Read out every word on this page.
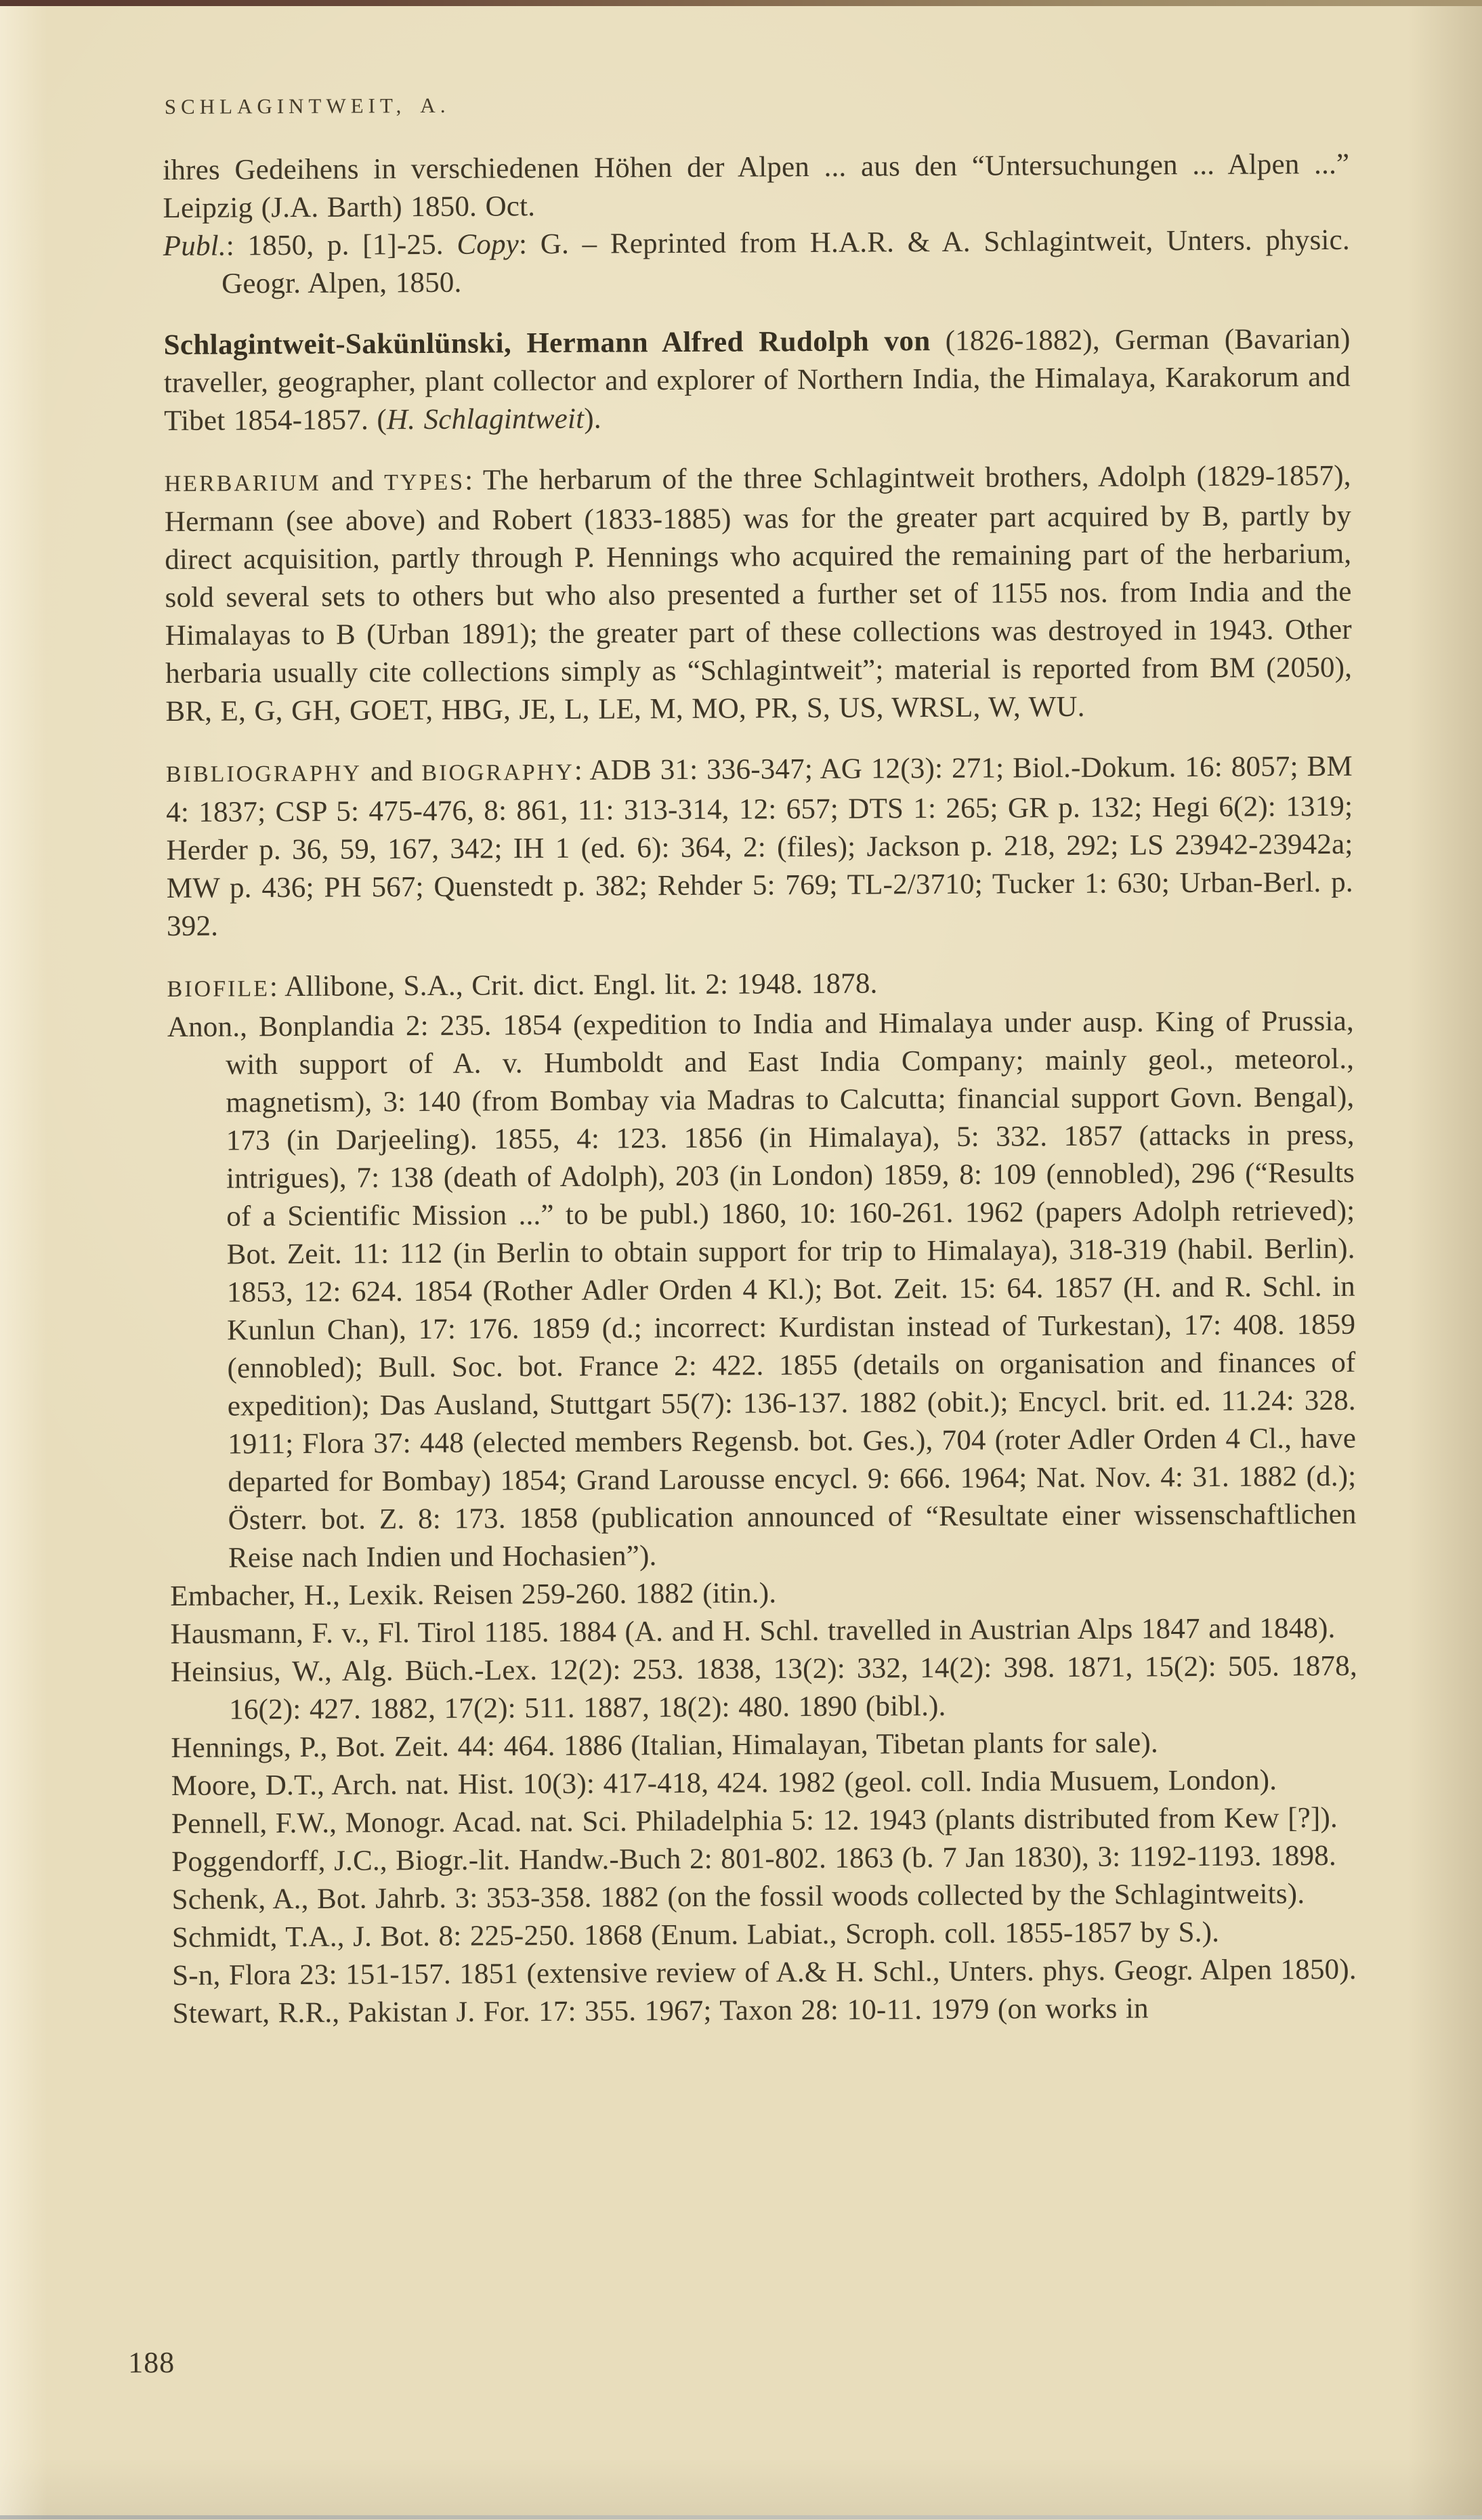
SCHLAGINTWEIT, A.
ihres Gedeihens in verschiedenen Höhen der Alpen ... aus den “Untersuchungen ... Alpen ...” Leipzig (J.A. Barth) 1850. Oct.
Publ.: 1850, p. [1]-25. Copy: G. – Reprinted from H.A.R. & A. Schlagintweit, Unters. physic. Geogr. Alpen, 1850.
Schlagintweit-Sakünlünski, Hermann Alfred Rudolph von (1826-1882), German (Bavarian) traveller, geographer, plant collector and explorer of Northern India, the Himalaya, Karakorum and Tibet 1854-1857. (H. Schlagintweit).
HERBARIUM and TYPES: The herbarum of the three Schlagintweit brothers, Adolph (1829-1857), Hermann (see above) and Robert (1833-1885) was for the greater part acquired by B, partly by direct acquisition, partly through P. Hennings who acquired the remaining part of the herbarium, sold several sets to others but who also presented a further set of 1155 nos. from India and the Himalayas to B (Urban 1891); the greater part of these collections was destroyed in 1943. Other herbaria usually cite collections simply as “Schlagintweit”; material is reported from BM (2050), BR, E, G, GH, GOET, HBG, JE, L, LE, M, MO, PR, S, US, WRSL, W, WU.
BIBLIOGRAPHY and BIOGRAPHY: ADB 31: 336-347; AG 12(3): 271; Biol.-Dokum. 16: 8057; BM 4: 1837; CSP 5: 475-476, 8: 861, 11: 313-314, 12: 657; DTS 1: 265; GR p. 132; Hegi 6(2): 1319; Herder p. 36, 59, 167, 342; IH 1 (ed. 6): 364, 2: (files); Jackson p. 218, 292; LS 23942-23942a; MW p. 436; PH 567; Quenstedt p. 382; Rehder 5: 769; TL-2/3710; Tucker 1: 630; Urban-Berl. p. 392.
BIOFILE: Allibone, S.A., Crit. dict. Engl. lit. 2: 1948. 1878.
Anon., Bonplandia 2: 235. 1854 (expedition to India and Himalaya under ausp. King of Prussia, with support of A. v. Humboldt and East India Company; mainly geol., meteorol., magnetism), 3: 140 (from Bombay via Madras to Calcutta; financial support Govn. Bengal), 173 (in Darjeeling). 1855, 4: 123. 1856 (in Himalaya), 5: 332. 1857 (attacks in press, intrigues), 7: 138 (death of Adolph), 203 (in London) 1859, 8: 109 (ennobled), 296 (“Results of a Scientific Mission ...” to be publ.) 1860, 10: 160-261. 1962 (papers Adolph retrieved); Bot. Zeit. 11: 112 (in Berlin to obtain support for trip to Himalaya), 318-319 (habil. Berlin). 1853, 12: 624. 1854 (Rother Adler Orden 4 Kl.); Bot. Zeit. 15: 64. 1857 (H. and R. Schl. in Kunlun Chan), 17: 176. 1859 (d.; incorrect: Kurdistan instead of Turkestan), 17: 408. 1859 (ennobled); Bull. Soc. bot. France 2: 422. 1855 (details on organisation and finances of expedition); Das Ausland, Stuttgart 55(7): 136-137. 1882 (obit.); Encycl. brit. ed. 11.24: 328. 1911; Flora 37: 448 (elected members Regensb. bot. Ges.), 704 (roter Adler Orden 4 Cl., have departed for Bombay) 1854; Grand Larousse encycl. 9: 666. 1964; Nat. Nov. 4: 31. 1882 (d.); Österr. bot. Z. 8: 173. 1858 (publication announced of “Resultate einer wissenschaftlichen Reise nach Indien und Hochasien”).
Embacher, H., Lexik. Reisen 259-260. 1882 (itin.).
Hausmann, F. v., Fl. Tirol 1185. 1884 (A. and H. Schl. travelled in Austrian Alps 1847 and 1848).
Heinsius, W., Alg. Büch.-Lex. 12(2): 253. 1838, 13(2): 332, 14(2): 398. 1871, 15(2): 505. 1878, 16(2): 427. 1882, 17(2): 511. 1887, 18(2): 480. 1890 (bibl.).
Hennings, P., Bot. Zeit. 44: 464. 1886 (Italian, Himalayan, Tibetan plants for sale).
Moore, D.T., Arch. nat. Hist. 10(3): 417-418, 424. 1982 (geol. coll. India Musuem, London).
Pennell, F.W., Monogr. Acad. nat. Sci. Philadelphia 5: 12. 1943 (plants distributed from Kew [?]).
Poggendorff, J.C., Biogr.-lit. Handw.-Buch 2: 801-802. 1863 (b. 7 Jan 1830), 3: 1192-1193. 1898.
Schenk, A., Bot. Jahrb. 3: 353-358. 1882 (on the fossil woods collected by the Schlagintweits).
Schmidt, T.A., J. Bot. 8: 225-250. 1868 (Enum. Labiat., Scroph. coll. 1855-1857 by S.).
S-n, Flora 23: 151-157. 1851 (extensive review of A.& H. Schl., Unters. phys. Geogr. Alpen 1850).
Stewart, R.R., Pakistan J. For. 17: 355. 1967; Taxon 28: 10-11. 1979 (on works in
188
